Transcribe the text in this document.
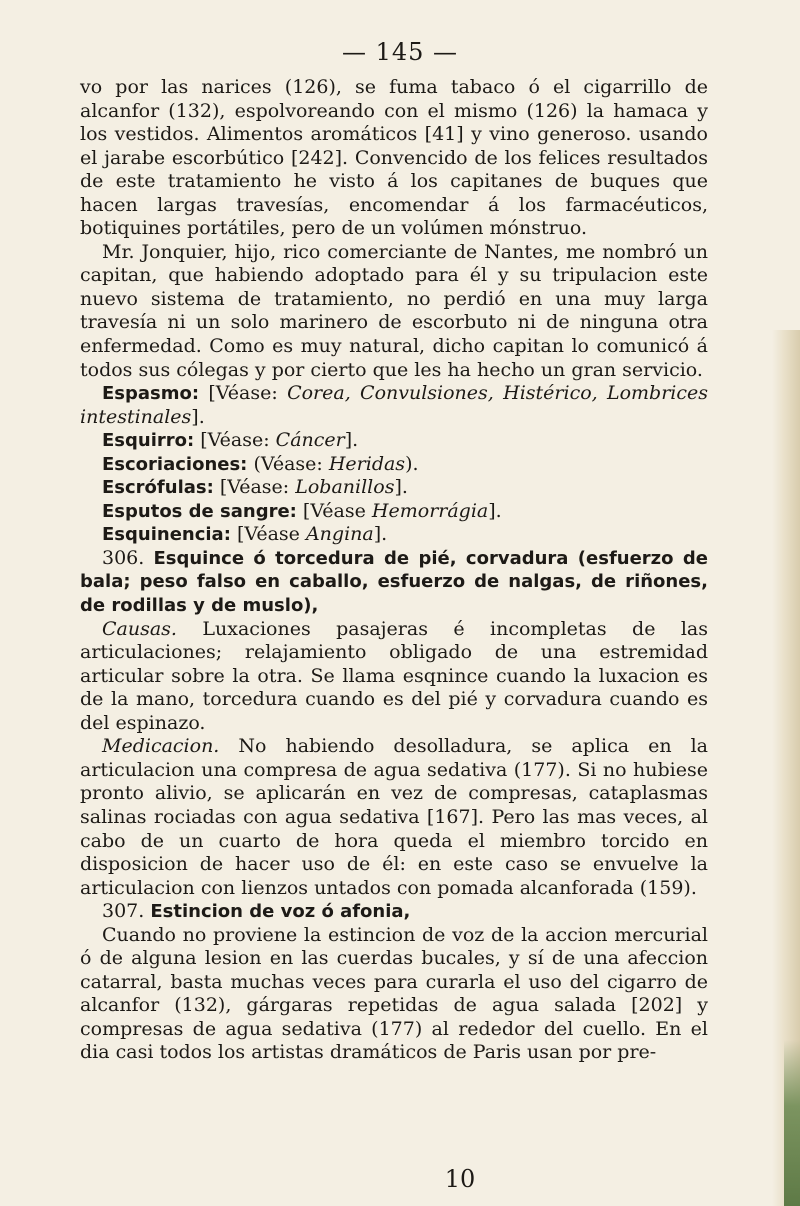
— 145 —

vo por las narices (126), se fuma tabaco ó el cigarrillo de alcanfor (132), espolvoreando con el mismo (126) la hamaca y los vestidos. Alimentos aromáticos [41] y vino generoso. usando el jarabe escorbútico [242]. Convencido de los felices resultados de este tratamiento he visto á los capitanes de buques que hacen largas travesías, encomendar á los farmacéuticos, botiquines portátiles, pero de un volúmen mónstruo.

Mr. Jonquier, hijo, rico comerciante de Nantes, me nombró un capitan, que habiendo adoptado para él y su tripulacion este nuevo sistema de tratamiento, no perdió en una muy larga travesía ni un solo marinero de escorbuto ni de ninguna otra enfermedad. Como es muy natural, dicho capitan lo comunicó á todos sus cólegas y por cierto que les ha hecho un gran servicio.

Espasmo: [Véase: Corea, Convulsiones, Histérico, Lombrices intestinales].

Esquirro: [Véase: Cáncer].

Escoriaciones: (Véase: Heridas).

Escrófulas: [Véase: Lobanillos].

Esputos de sangre: [Véase Hemorrágia].

Esquinencia: [Véase Angina].

306. Esquince ó torcedura de pié, corvadura (esfuerzo de bala; peso falso en caballo, esfuerzo de nalgas, de riñones, de rodillas y de muslo),

Causas. Luxaciones pasajeras é incompletas de las articulaciones; relajamiento obligado de una estremidad articular sobre la otra. Se llama esqnince cuando la luxacion es de la mano, torcedura cuando es del pié y corvadura cuando es del espinazo.

Medicacion. No habiendo desolladura, se aplica en la articulacion una compresa de agua sedativa (177). Si no hubiese pronto alivio, se aplicarán en vez de compresas, cataplasmas salinas rociadas con agua sedativa [167]. Pero las mas veces, al cabo de un cuarto de hora queda el miembro torcido en disposicion de hacer uso de él: en este caso se envuelve la articulacion con lienzos untados con pomada alcanforada (159).

307. Estincion de voz ó afonia,

Cuando no proviene la estincion de voz de la accion mercurial ó de alguna lesion en las cuerdas bucales, y sí de una afeccion catarral, basta muchas veces para curarla el uso del cigarro de alcanfor (132), gárgaras repetidas de agua salada [202] y compresas de agua sedativa (177) al rededor del cuello. En el dia casi todos los artistas dramáticos de Paris usan por pre-

10
